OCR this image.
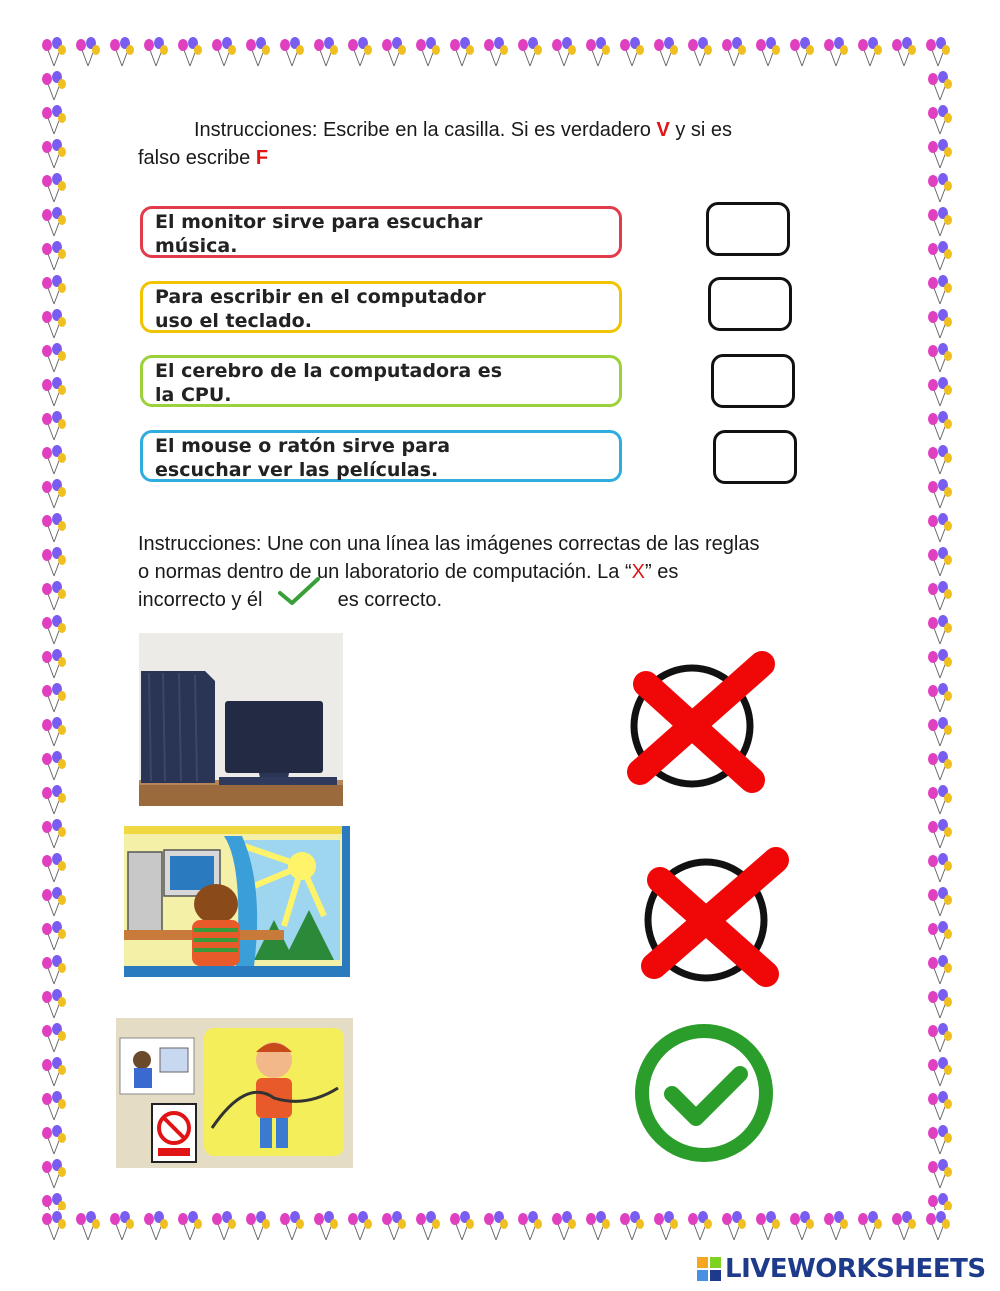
Instrucciones: Escribe en la casilla. Si es verdadero V y si es
falso escribe F
El monitor sirve para escuchar
música.
Para escribir en el computador
uso el teclado.
El cerebro de la computadora es
la CPU.
El mouse o ratón sirve para
escuchar ver las películas.
Instrucciones: Une con una línea las imágenes correctas de las reglas
o normas dentro de un laboratorio de computación. La “X” es
incorrecto y él	es correcto.
LIVEWORKSHEETS
